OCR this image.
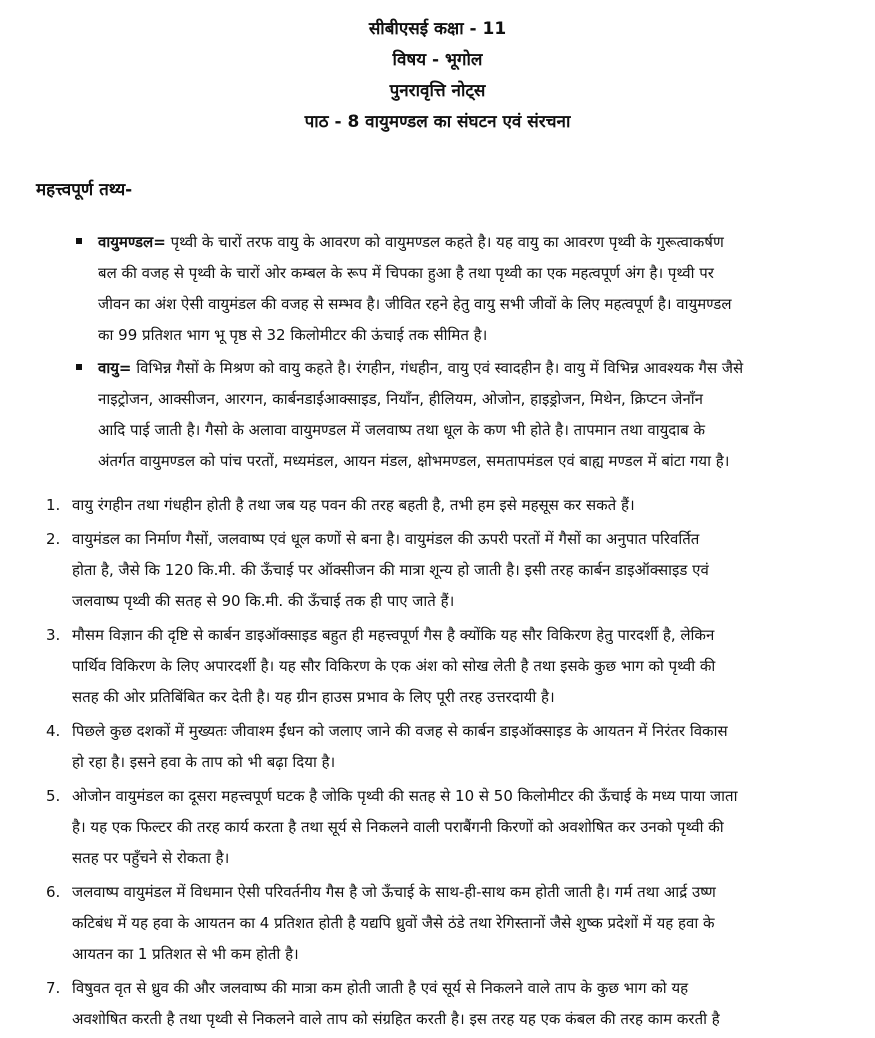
सीबीएसई कक्षा - 11
विषय - भूगोल
पुनरावृत्ति नोट्स
पाठ - 8 वायुमण्डल का संघटन एवं संरचना
महत्त्वपूर्ण तथ्य-
वायुमण्डल= पृथ्वी के चारों तरफ वायु के आवरण को वायुमण्डल कहते है। यह वायु का आवरण पृथ्वी के गुरूत्वाकर्षण
बल की वजह से पृथ्वी के चारों ओर कम्बल के रूप में चिपका हुआ है तथा पृथ्वी का एक महत्वपूर्ण अंग है। पृथ्वी पर
जीवन का अंश ऐसी वायुमंडल की वजह से सम्भव है। जीवित रहने हेतु वायु सभी जीवों के लिए महत्वपूर्ण है। वायुमण्डल
का 99 प्रतिशत भाग भू पृष्ठ से 32 किलोमीटर की ऊंचाई तक सीमित है।
वायु= विभिन्न गैसों के मिश्रण को वायु कहते है। रंगहीन, गंधहीन, वायु एवं स्वादहीन है। वायु में विभिन्न आवश्यक गैस जैसे
नाइट्रोजन, आक्सीजन, आरगन, कार्बनडाईआक्साइड, नियाँन, हीलियम, ओजोन, हाइड्रोजन, मिथेन, क्रिप्टन जेनाँन
आदि पाई जाती है। गैसो के अलावा वायुमण्डल में जलवाष्प तथा धूल के कण भी होते है। तापमान तथा वायुदाब के
अंतर्गत वायुमण्डल को पांच परतों, मध्यमंडल, आयन मंडल, क्षोभमण्डल, समतापमंडल एवं बाह्य मण्डल में बांटा गया है।
1. वायु रंगहीन तथा गंधहीन होती है तथा जब यह पवन की तरह बहती है, तभी हम इसे महसूस कर सकते हैं।
2. वायुमंडल का निर्माण गैसों, जलवाष्प एवं धूल कणों से बना है। वायुमंडल की ऊपरी परतों में गैसों का अनुपात परिवर्तित
होता है, जैसे कि 120 कि.मी. की ऊँचाई पर ऑक्सीजन की मात्रा शून्य हो जाती है। इसी तरह कार्बन डाइऑक्साइड एवं
जलवाष्प पृथ्वी की सतह से 90 कि.मी. की ऊँचाई तक ही पाए जाते हैं।
3. मौसम विज्ञान की दृष्टि से कार्बन डाइऑक्साइड बहुत ही महत्त्वपूर्ण गैस है क्योंकि यह सौर विकिरण हेतु पारदर्शी है, लेकिन
पार्थिव विकिरण के लिए अपारदर्शी है। यह सौर विकिरण के एक अंश को सोख लेती है तथा इसके कुछ भाग को पृथ्वी की
सतह की ओर प्रतिबिंबित कर देती है। यह ग्रीन हाउस प्रभाव के लिए पूरी तरह उत्तरदायी है।
4. पिछले कुछ दशकों में मुख्यतः जीवाश्म ईंधन को जलाए जाने की वजह से कार्बन डाइऑक्साइड के आयतन में निरंतर विकास
हो रहा है। इसने हवा के ताप को भी बढ़ा दिया है।
5. ओजोन वायुमंडल का दूसरा महत्त्वपूर्ण घटक है जोकि पृथ्वी की सतह से 10 से 50 किलोमीटर की ऊँचाई के मध्य पाया जाता
है। यह एक फिल्टर की तरह कार्य करता है तथा सूर्य से निकलने वाली पराबैंगनी किरणों को अवशोषित कर उनको पृथ्वी की
सतह पर पहुँचने से रोकता है।
6. जलवाष्प वायुमंडल में विधमान ऐसी परिवर्तनीय गैस है जो ऊँचाई के साथ-ही-साथ कम होती जाती है। गर्म तथा आर्द्र उष्ण
कटिबंध में यह हवा के आयतन का 4 प्रतिशत होती है यद्यपि ध्रुवों जैसे ठंडे तथा रेगिस्तानों जैसे शुष्क प्रदेशों में यह हवा के
आयतन का 1 प्रतिशत से भी कम होती है।
7. विषुवत वृत से ध्रुव की और जलवाष्प की मात्रा कम होती जाती है एवं सूर्य से निकलने वाले ताप के कुछ भाग को यह
अवशोषित करती है तथा पृथ्वी से निकलने वाले ताप को संग्रहित करती है। इस तरह यह एक कंबल की तरह काम करती है
